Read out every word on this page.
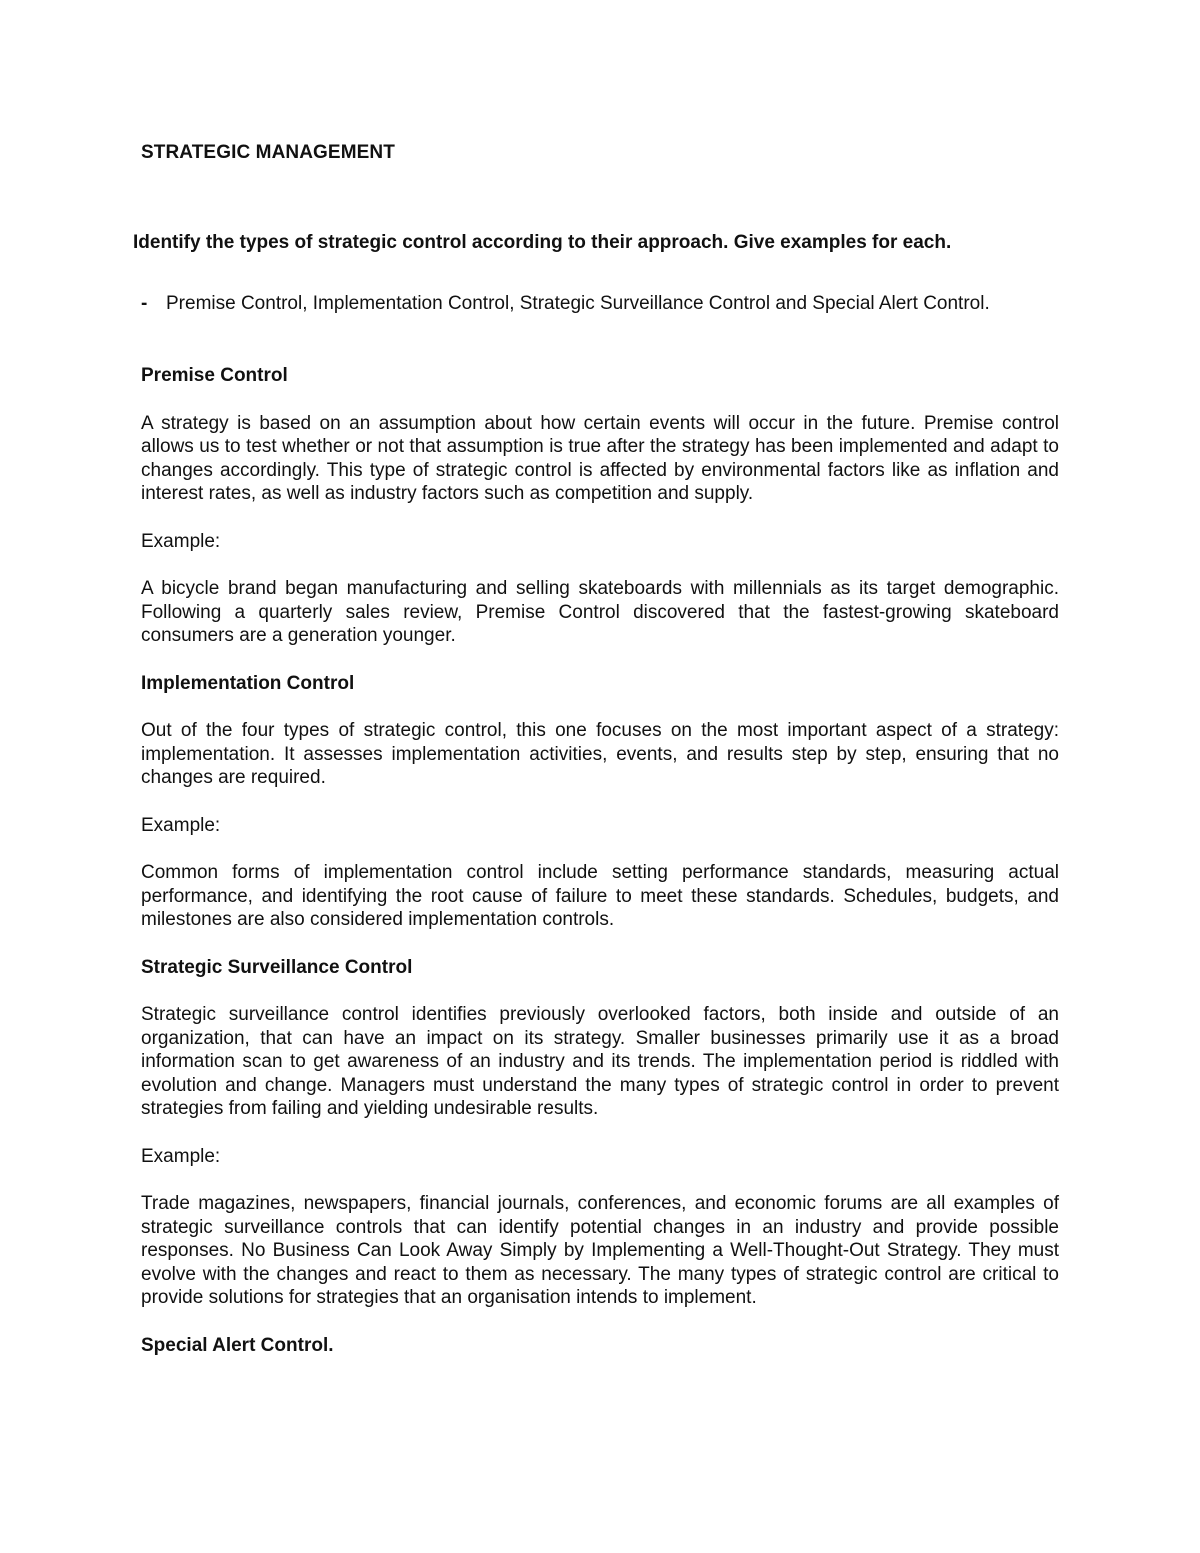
STRATEGIC MANAGEMENT

Identify the types of strategic control according to their approach. Give examples for each.

- Premise Control, Implementation Control, Strategic Surveillance Control and Special Alert Control.

Premise Control

A strategy is based on an assumption about how certain events will occur in the future. Premise control allows us to test whether or not that assumption is true after the strategy has been implemented and adapt to changes accordingly. This type of strategic control is affected by environmental factors like as inflation and interest rates, as well as industry factors such as competition and supply.

Example:

A bicycle brand began manufacturing and selling skateboards with millennials as its target demographic. Following a quarterly sales review, Premise Control discovered that the fastest-growing skateboard consumers are a generation younger.

Implementation Control

Out of the four types of strategic control, this one focuses on the most important aspect of a strategy: implementation. It assesses implementation activities, events, and results step by step, ensuring that no changes are required.

Example:

Common forms of implementation control include setting performance standards, measuring actual performance, and identifying the root cause of failure to meet these standards. Schedules, budgets, and milestones are also considered implementation controls.

Strategic Surveillance Control

Strategic surveillance control identifies previously overlooked factors, both inside and outside of an organization, that can have an impact on its strategy. Smaller businesses primarily use it as a broad information scan to get awareness of an industry and its trends. The implementation period is riddled with evolution and change. Managers must understand the many types of strategic control in order to prevent strategies from failing and yielding undesirable results.

Example:

Trade magazines, newspapers, financial journals, conferences, and economic forums are all examples of strategic surveillance controls that can identify potential changes in an industry and provide possible responses. No Business Can Look Away Simply by Implementing a Well-Thought-Out Strategy. They must evolve with the changes and react to them as necessary. The many types of strategic control are critical to provide solutions for strategies that an organisation intends to implement.

Special Alert Control.
